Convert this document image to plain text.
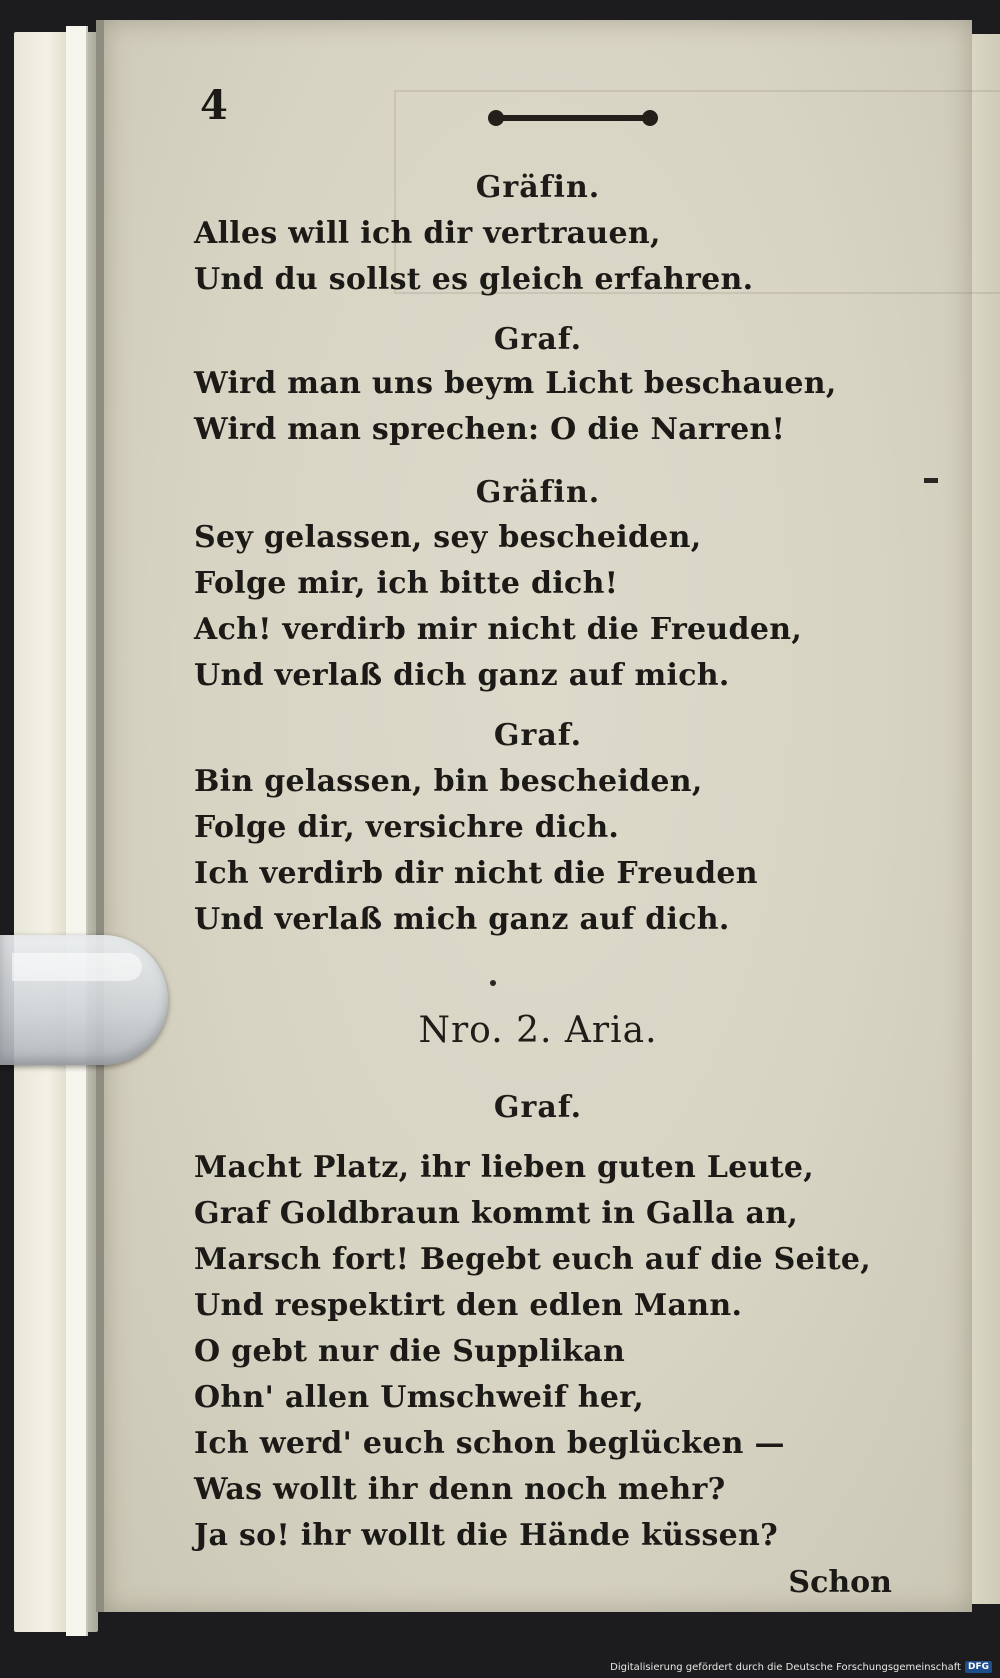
4
Gräfin.
Alles will ich dir vertrauen,
Und du sollst es gleich erfahren.
Graf.
Wird man uns beym Licht beschauen,
Wird man sprechen: O die Narren!
Gräfin.
Sey gelassen, sey bescheiden,
Folge mir, ich bitte dich!
Ach! verdirb mir nicht die Freuden,
Und verlaß dich ganz auf mich.
Graf.
Bin gelassen, bin bescheiden,
Folge dir, versichre dich.
Ich verdirb dir nicht die Freuden
Und verlaß mich ganz auf dich.
Nro. 2. Aria.
Graf.
Macht Platz, ihr lieben guten Leute,
Graf Goldbraun kommt in Galla an,
Marsch fort! Begebt euch auf die Seite,
Und respektirt den edlen Mann.
O gebt nur die Supplikan
Ohn' allen Umschweif her,
Ich werd' euch schon beglücken —
Was wollt ihr denn noch mehr?
Ja so! ihr wollt die Hände küssen?
Schon
Digitalisierung gefördert durch die Deutsche Forschungsgemeinschaft DFG
